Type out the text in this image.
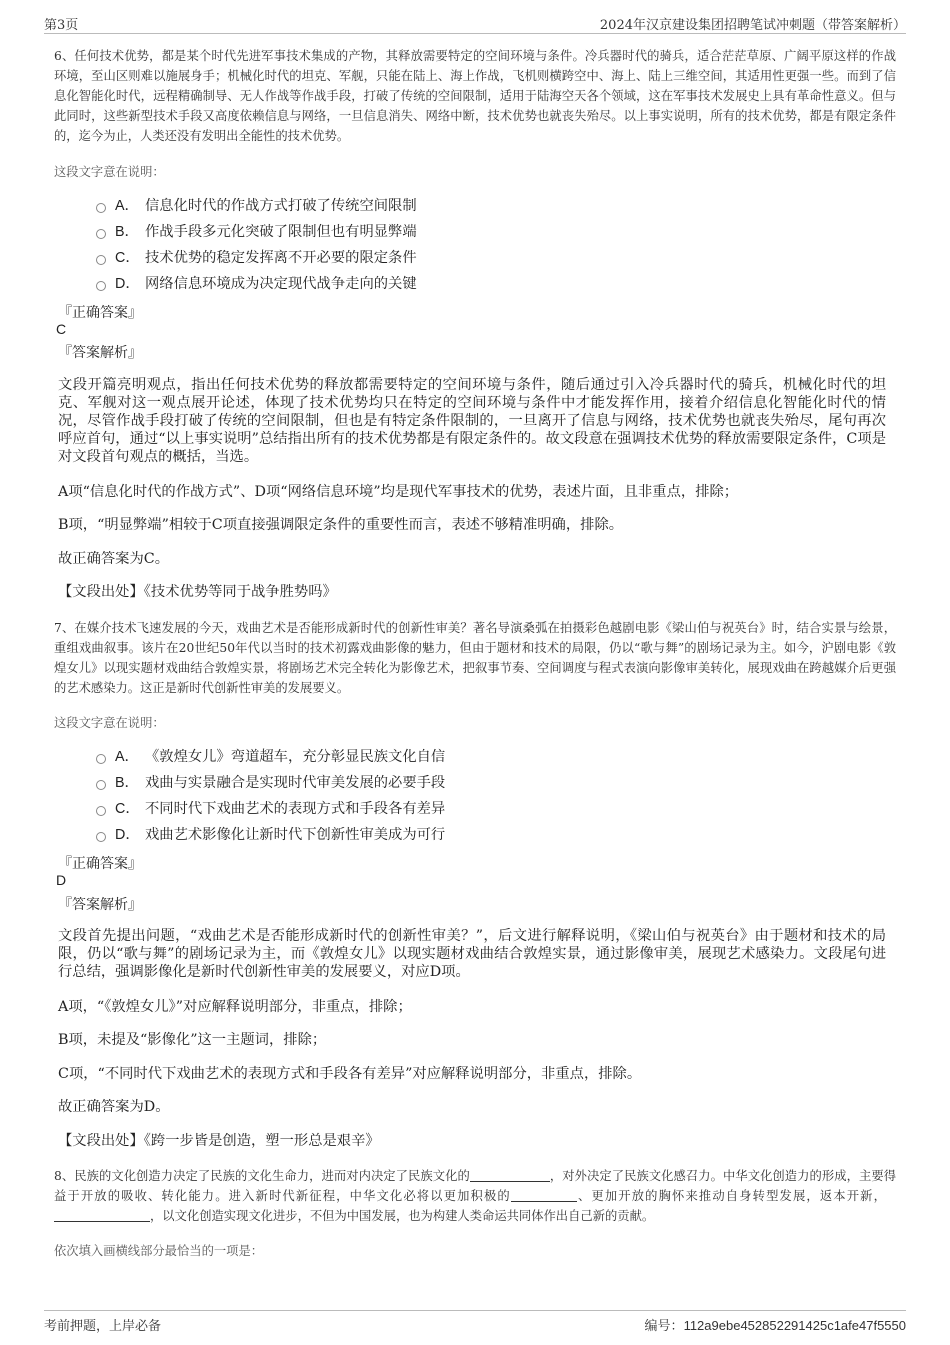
第3页	2024年汉京建设集团招聘笔试冲刺题（带答案解析）
6、任何技术优势，都是某个时代先进军事技术集成的产物，其释放需要特定的空间环境与条件。冷兵器时代的骑兵，适合茫茫草原、广阔平原这样的作战环境，至山区则难以施展身手；机械化时代的坦克、军舰，只能在陆上、海上作战，飞机则横跨空中、海上、陆上三维空间，其适用性更强一些。而到了信息化智能化时代，远程精确制导、无人作战等作战手段，打破了传统的空间限制，适用于陆海空天各个领域，这在军事技术发展史上具有革命性意义。但与此同时，这些新型技术手段又高度依赖信息与网络，一旦信息消失、网络中断，技术优势也就丧失殆尽。以上事实说明，所有的技术优势，都是有限定条件的，迄今为止，人类还没有发明出全能性的技术优势。
这段文字意在说明：
A． 信息化时代的作战方式打破了传统空间限制
B． 作战手段多元化突破了限制但也有明显弊端
C． 技术优势的稳定发挥离不开必要的限定条件
D． 网络信息环境成为决定现代战争走向的关键
『正确答案』
C
『答案解析』
文段开篇亮明观点，指出任何技术优势的释放都需要特定的空间环境与条件，随后通过引入冷兵器时代的骑兵，机械化时代的坦克、军舰对这一观点展开论述，体现了技术优势均只在特定的空间环境与条件中才能发挥作用，接着介绍信息化智能化时代的情况，尽管作战手段打破了传统的空间限制，但也是有特定条件限制的，一旦离开了信息与网络，技术优势也就丧失殆尽，尾句再次呼应首句，通过“以上事实说明”总结指出所有的技术优势都是有限定条件的。故文段意在强调技术优势的释放需要限定条件，C项是对文段首句观点的概括，当选。
A项“信息化时代的作战方式”、D项“网络信息环境”均是现代军事技术的优势，表述片面，且非重点，排除；
B项，“明显弊端”相较于C项直接强调限定条件的重要性而言，表述不够精准明确，排除。
故正确答案为C。
【文段出处】《技术优势等同于战争胜势吗》
7、在媒介技术飞速发展的今天，戏曲艺术是否能形成新时代的创新性审美？著名导演桑弧在拍摄彩色越剧电影《梁山伯与祝英台》时，结合实景与绘景，重组戏曲叙事。该片在20世纪50年代以当时的技术初露戏曲影像的魅力，但由于题材和技术的局限，仍以“歌与舞”的剧场记录为主。如今，沪剧电影《敦煌女儿》以现实题材戏曲结合敦煌实景，将剧场艺术完全转化为影像艺术，把叙事节奏、空间调度与程式表演向影像审美转化，展现戏曲在跨越媒介后更强的艺术感染力。这正是新时代创新性审美的发展要义。
这段文字意在说明：
A． 《敦煌女儿》弯道超车，充分彰显民族文化自信
B． 戏曲与实景融合是实现时代审美发展的必要手段
C． 不同时代下戏曲艺术的表现方式和手段各有差异
D． 戏曲艺术影像化让新时代下创新性审美成为可行
『正确答案』
D
『答案解析』
文段首先提出问题，“戏曲艺术是否能形成新时代的创新性审美？”，后文进行解释说明，《梁山伯与祝英台》由于题材和技术的局限，仍以“歌与舞”的剧场记录为主，而《敦煌女儿》以现实题材戏曲结合敦煌实景，通过影像审美，展现艺术感染力。文段尾句进行总结，强调影像化是新时代创新性审美的发展要义，对应D项。
A项，“《敦煌女儿》”对应解释说明部分，非重点，排除；
B项，未提及“影像化”这一主题词，排除；
C项，“不同时代下戏曲艺术的表现方式和手段各有差异”对应解释说明部分，非重点，排除。
故正确答案为D。
【文段出处】《跨一步皆是创造，塑一形总是艰辛》
8、民族的文化创造力决定了民族的文化生命力，进而对内决定了民族文化的	，对外决定了民族文化感召力。中华文化创造力的形成，主要得益于开放的吸收、转化能力。进入新时代新征程，中华文化必将以更加积极的	、更加开放的胸怀来推动自身转型发展，返本开新，  ，以文化创造实现文化进步，不但为中国发展，也为构建人类命运共同体作出自己新的贡献。
依次填入画横线部分最恰当的一项是：
考前押题，上岸必备	编号：112a9ebe452852291425c1afe47f5550
